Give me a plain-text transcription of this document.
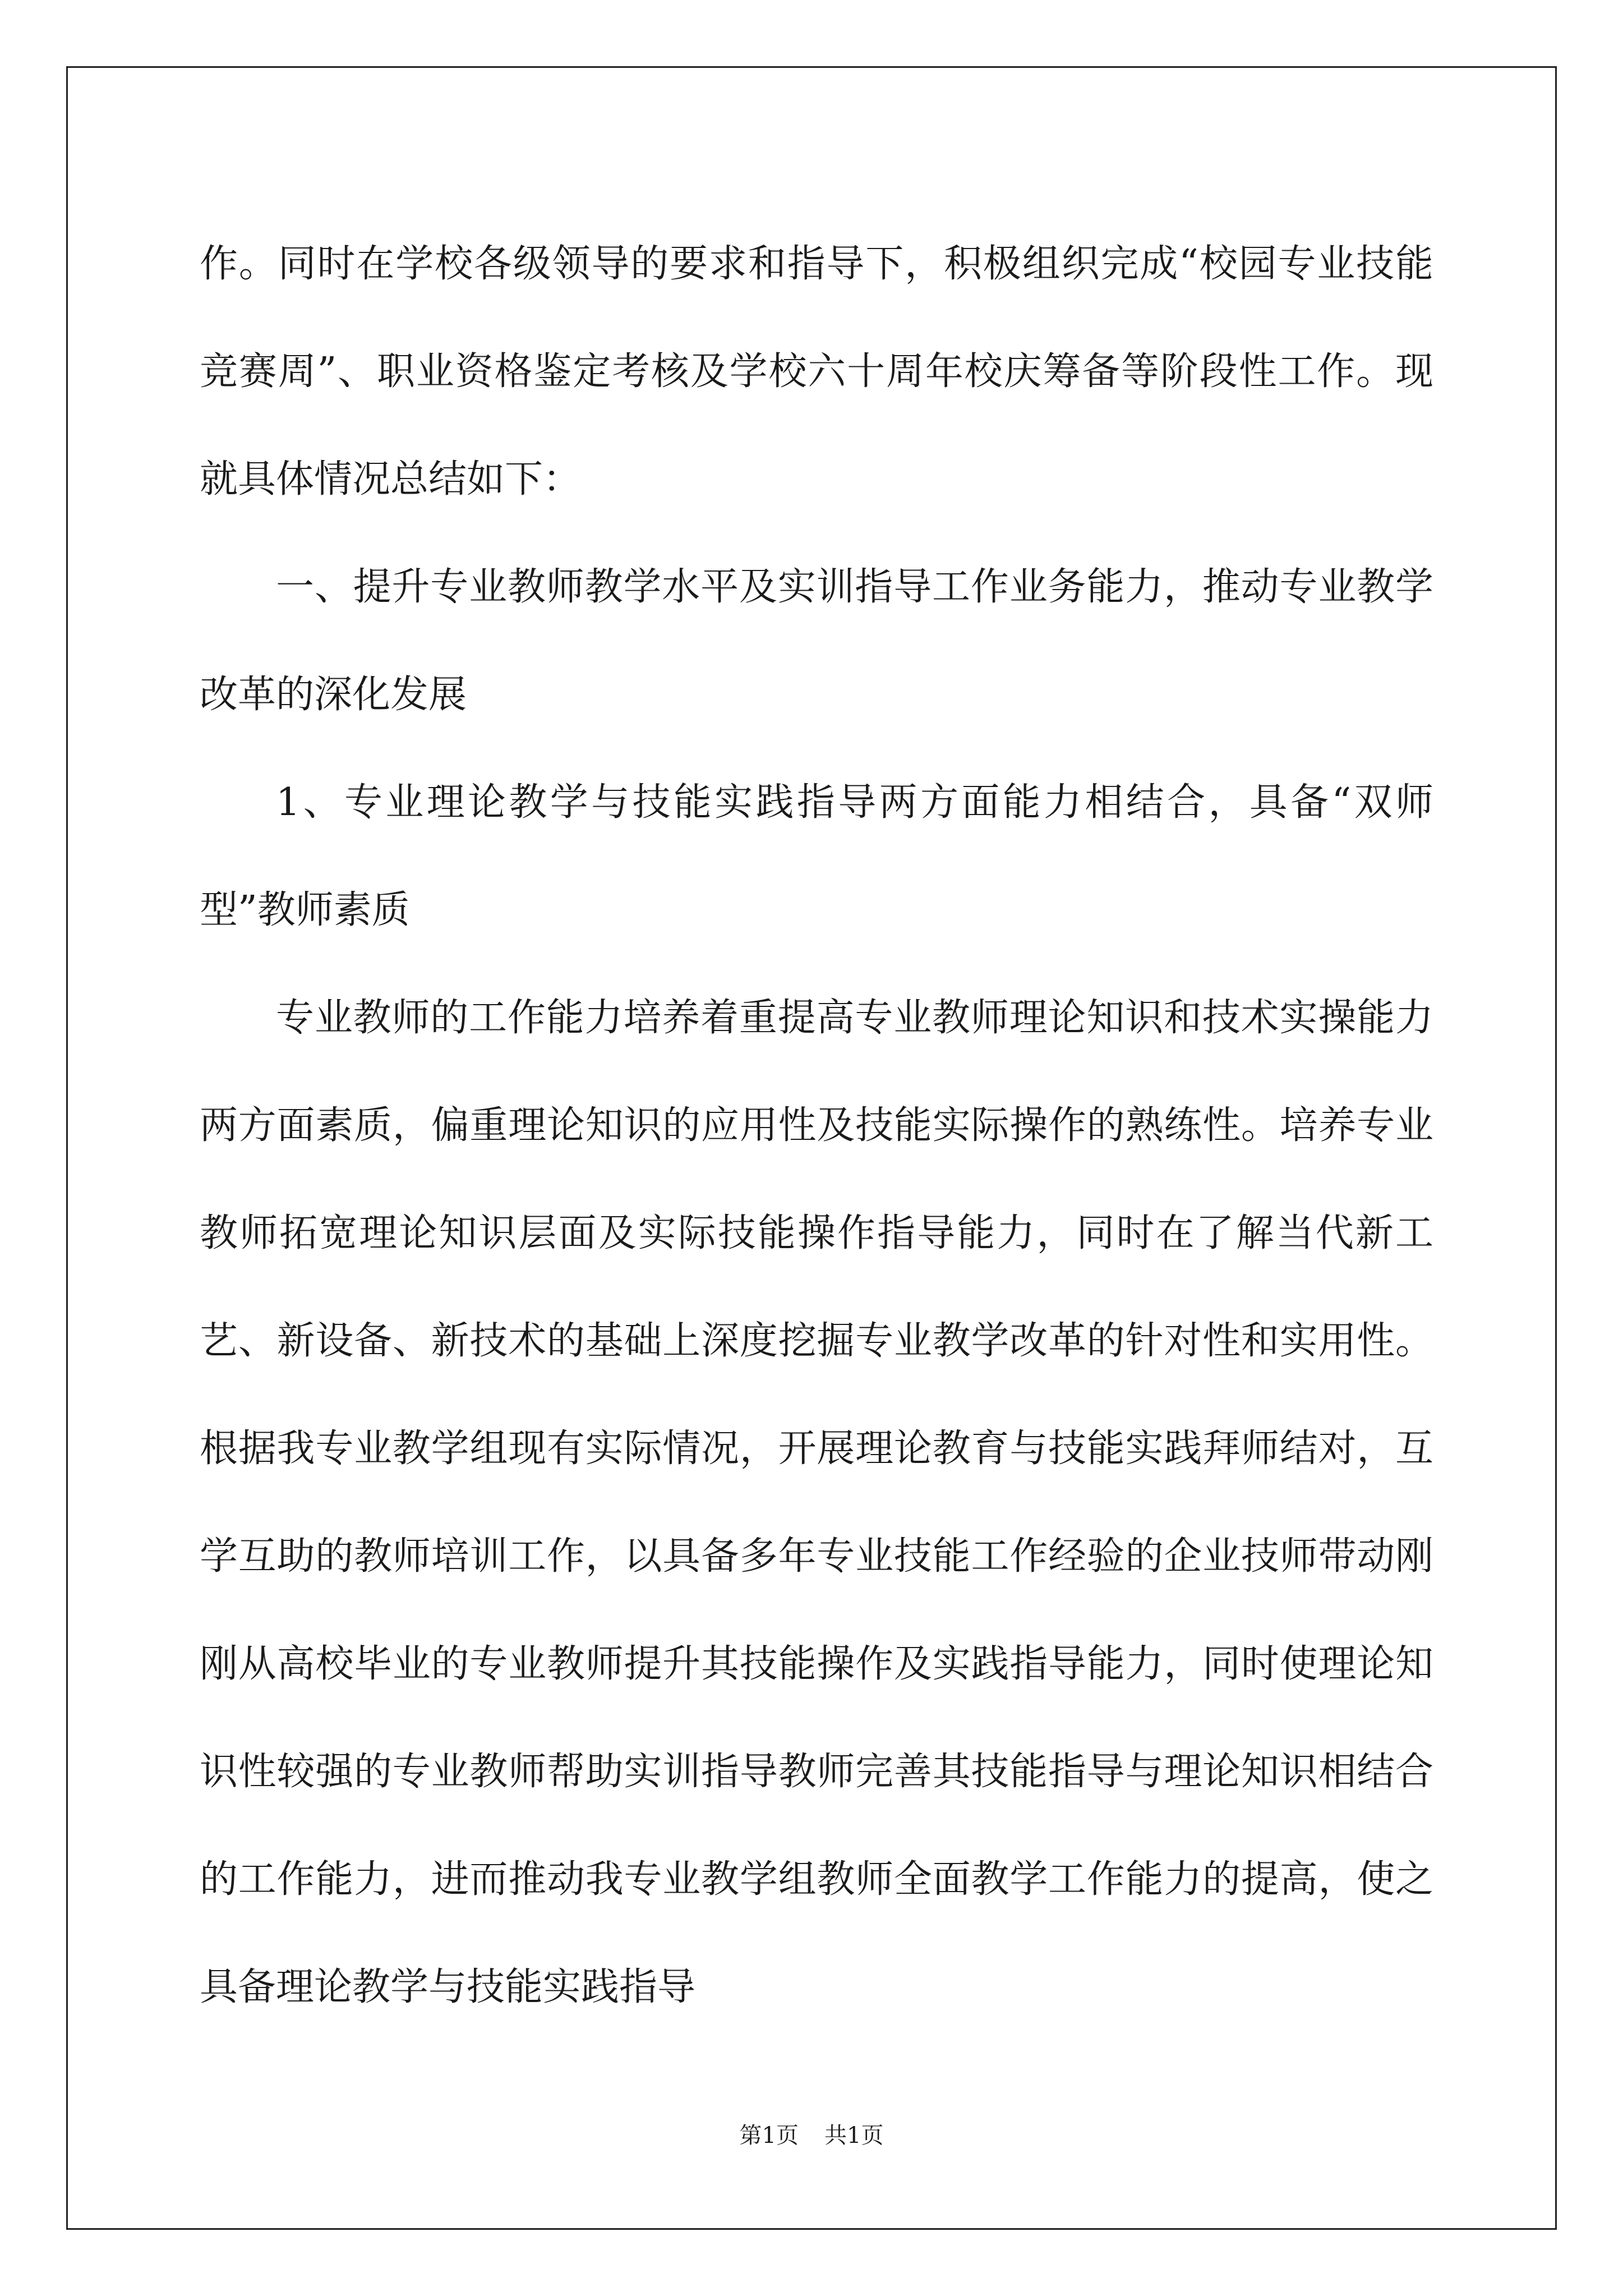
作。同时在学校各级领导的要求和指导下，积极组织完成“校园专业技能竞赛周”、职业资格鉴定考核及学校六十周年校庆筹备等阶段性工作。现就具体情况总结如下：

一、提升专业教师教学水平及实训指导工作业务能力，推动专业教学改革的深化发展

1、专业理论教学与技能实践指导两方面能力相结合，具备“双师型”教师素质

专业教师的工作能力培养着重提高专业教师理论知识和技术实操能力两方面素质，偏重理论知识的应用性及技能实际操作的熟练性。培养专业教师拓宽理论知识层面及实际技能操作指导能力，同时在了解当代新工艺、新设备、新技术的基础上深度挖掘专业教学改革的针对性和实用性。根据我专业教学组现有实际情况，开展理论教育与技能实践拜师结对，互学互助的教师培训工作，以具备多年专业技能工作经验的企业技师带动刚刚从高校毕业的专业教师提升其技能操作及实践指导能力，同时使理论知识性较强的专业教师帮助实训指导教师完善其技能指导与理论知识相结合的工作能力，进而推动我专业教学组教师全面教学工作能力的提高，使之具备理论教学与技能实践指导

第1页 共1页
